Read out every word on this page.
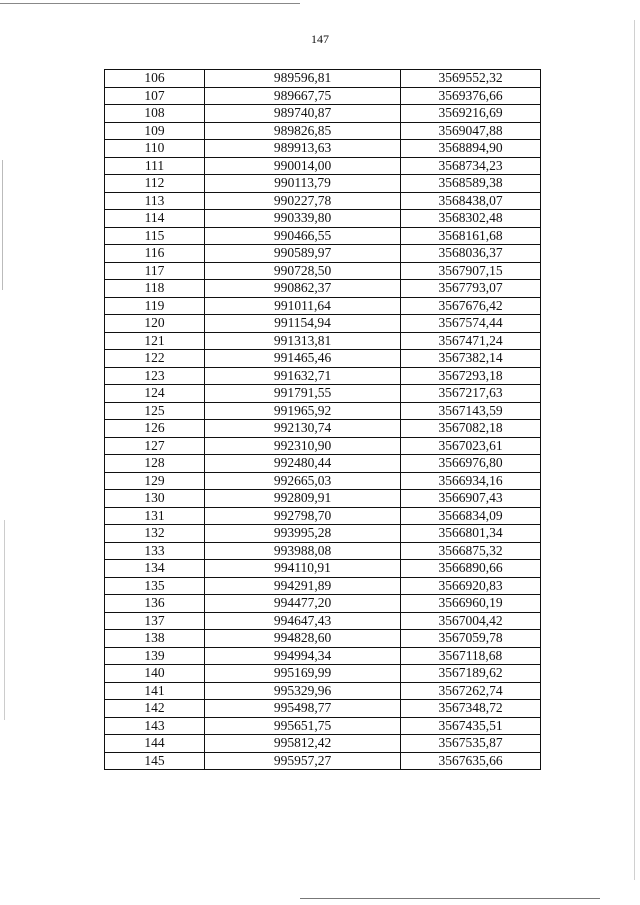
147
106	989596,81	3569552,32
107	989667,75	3569376,66
108	989740,87	3569216,69
109	989826,85	3569047,88
110	989913,63	3568894,90
111	990014,00	3568734,23
112	990113,79	3568589,38
113	990227,78	3568438,07
114	990339,80	3568302,48
115	990466,55	3568161,68
116	990589,97	3568036,37
117	990728,50	3567907,15
118	990862,37	3567793,07
119	991011,64	3567676,42
120	991154,94	3567574,44
121	991313,81	3567471,24
122	991465,46	3567382,14
123	991632,71	3567293,18
124	991791,55	3567217,63
125	991965,92	3567143,59
126	992130,74	3567082,18
127	992310,90	3567023,61
128	992480,44	3566976,80
129	992665,03	3566934,16
130	992809,91	3566907,43
131	992798,70	3566834,09
132	993995,28	3566801,34
133	993988,08	3566875,32
134	994110,91	3566890,66
135	994291,89	3566920,83
136	994477,20	3566960,19
137	994647,43	3567004,42
138	994828,60	3567059,78
139	994994,34	3567118,68
140	995169,99	3567189,62
141	995329,96	3567262,74
142	995498,77	3567348,72
143	995651,75	3567435,51
144	995812,42	3567535,87
145	995957,27	3567635,66
